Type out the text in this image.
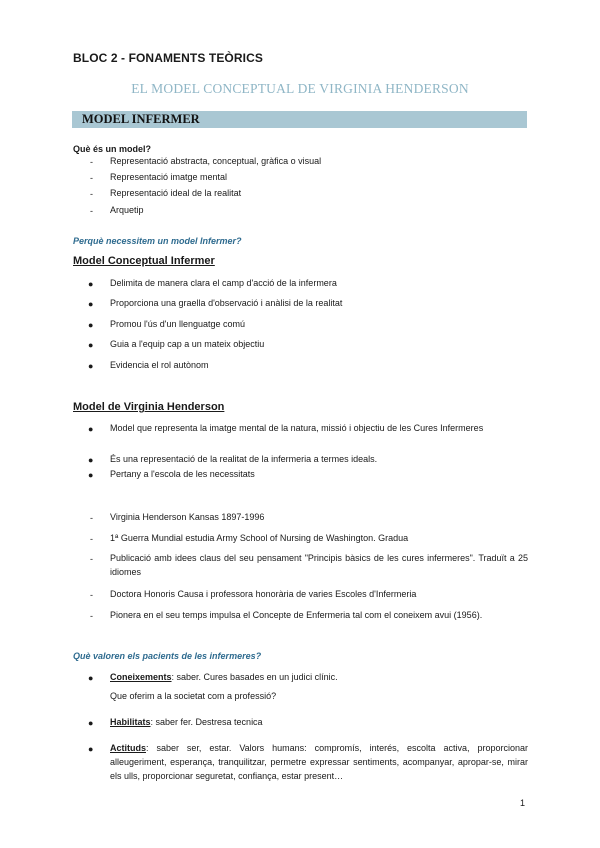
BLOC 2 - FONAMENTS TEÒRICS
EL MODEL CONCEPTUAL DE VIRGINIA HENDERSON
MODEL INFERMER
Què és un model?
- Representació abstracta, conceptual, gràfica o visual
- Representació imatge mental
- Representació ideal de la realitat
- Arquetip
Perquè necessitem un model Infermer?
Model Conceptual Infermer
● Delimita de manera clara el camp d'acció de la infermera
● Proporciona una graella d'observació i anàlisi de la realitat
● Promou l'ús d'un llenguatge comú
● Guia a l'equip cap a un mateix objectiu
● Evidencia el rol autònom
Model de Virginia Henderson
● Model que representa la imatge mental de la natura, missió i objectiu de les Cures Infermeres
● És una representació de la realitat de la infermeria a termes ideals.
● Pertany a l'escola de les necessitats
- Virginia Henderson Kansas 1897-1996
- 1ª Guerra Mundial estudia Army School of Nursing de Washington. Gradua
- Publicació amb idees claus del seu pensament "Principis bàsics de les cures infermeres". Traduït a 25 idiomes
- Doctora Honoris Causa i professora honorària de varies Escoles d'Infermeria
- Pionera en el seu temps impulsa el Concepte de Enfermeria tal com el coneixem avui (1956).
Què valoren els pacients de les infermeres?
● Coneixements: saber. Cures basades en un judici clínic.
Que oferim a la societat com a professió?
● Habilitats: saber fer. Destresa tecnica
● Actituds: saber ser, estar. Valors humans: compromís, interés, escolta activa, proporcionar alleugeriment, esperança, tranquilitzar, permetre expressar sentiments, acompanyar, apropar-se, mirar els ulls, proporcionar seguretat, confiança, estar present…
1
